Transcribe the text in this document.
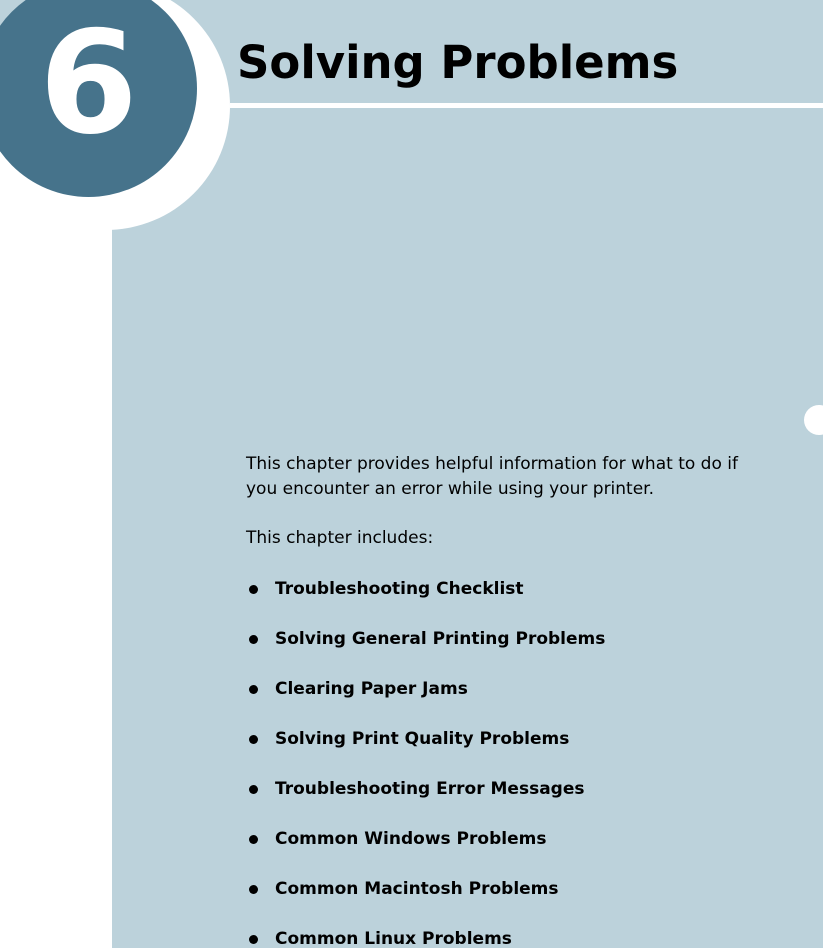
6 Solving Problems

This chapter provides helpful information for what to do if
you encounter an error while using your printer.

This chapter includes:

Troubleshooting Checklist
Solving General Printing Problems
Clearing Paper Jams
Solving Print Quality Problems
Troubleshooting Error Messages
Common Windows Problems
Common Macintosh Problems
Common Linux Problems
